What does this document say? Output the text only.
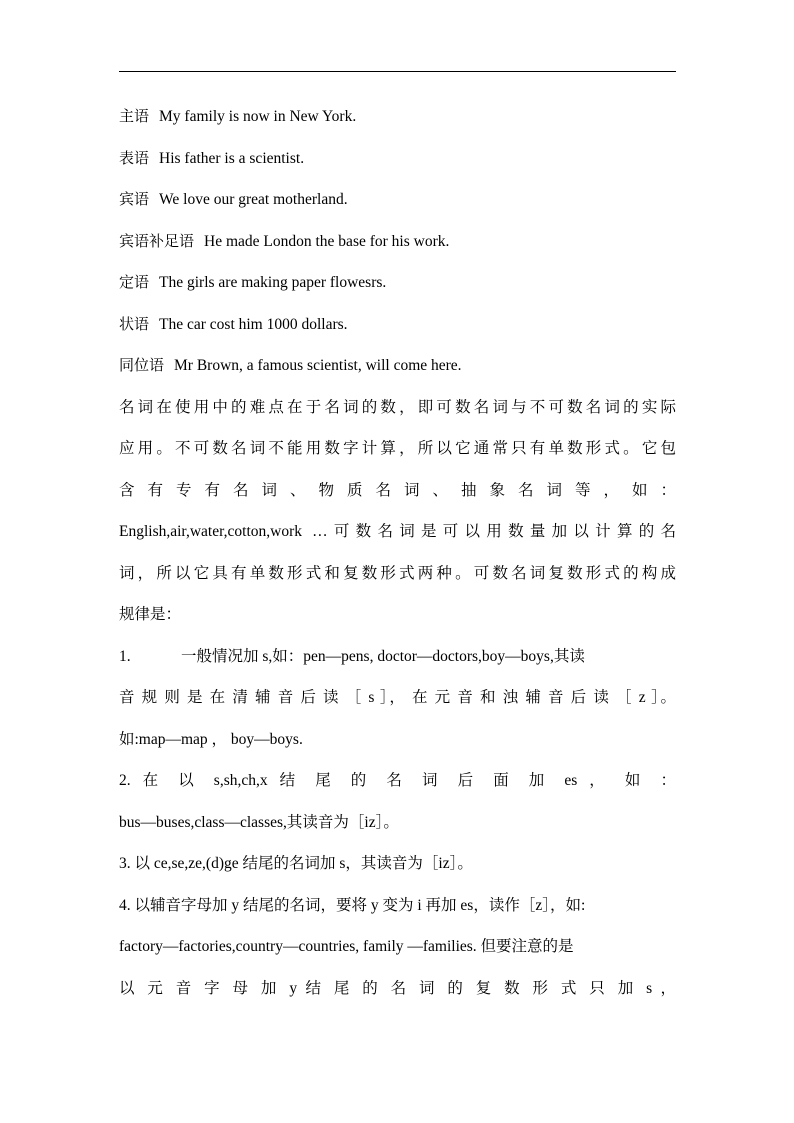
主语 My family is now in New York.
表语 His father is a scientist.
宾语 We love our great motherland.
宾语补足语 He made London the base for his work.
定语 The girls are making paper flowesrs.
状语 The car cost him 1000 dollars.
同位语 Mr Brown, a famous scientist, will come here.
名词在使用中的难点在于名词的数，即可数名词与不可数名词的实际
应用。不可数名词不能用数字计算，所以它通常只有单数形式。它包
含 有 专 有 名 词 、 物 质 名 词 、 抽 象 名 词 等 ， 如 ：
English,air,water,cotton,work …可数名词是可以用数量加以计算的名
词，所以它具有单数形式和复数形式两种。可数名词复数形式的构成
规律是：
1.	一般情况加 s,如：pen—pens, doctor—doctors,boy—boys,其读
音 规 则 是 在 清 辅 音 后 读 ［ s ］， 在 元 音 和 浊 辅 音 后 读 ［ z ］。
如:map—map ， boy—boys.
2. 在 以 s,sh,ch,x 结 尾 的 名 词 后 面 加 es ， 如 ：
bus—buses,class—classes,其读音为［iz］。
3. 以 ce,se,ze,(d)ge 结尾的名词加 s，其读音为［iz］。
4. 以辅音字母加 y 结尾的名词，要将 y 变为 i 再加 es，读作［z］，如:
factory—factories,country—countries, family —families. 但要注意的是
以 元 音 字 母 加 y 结 尾 的 名 词 的 复 数 形 式 只 加 s ，
